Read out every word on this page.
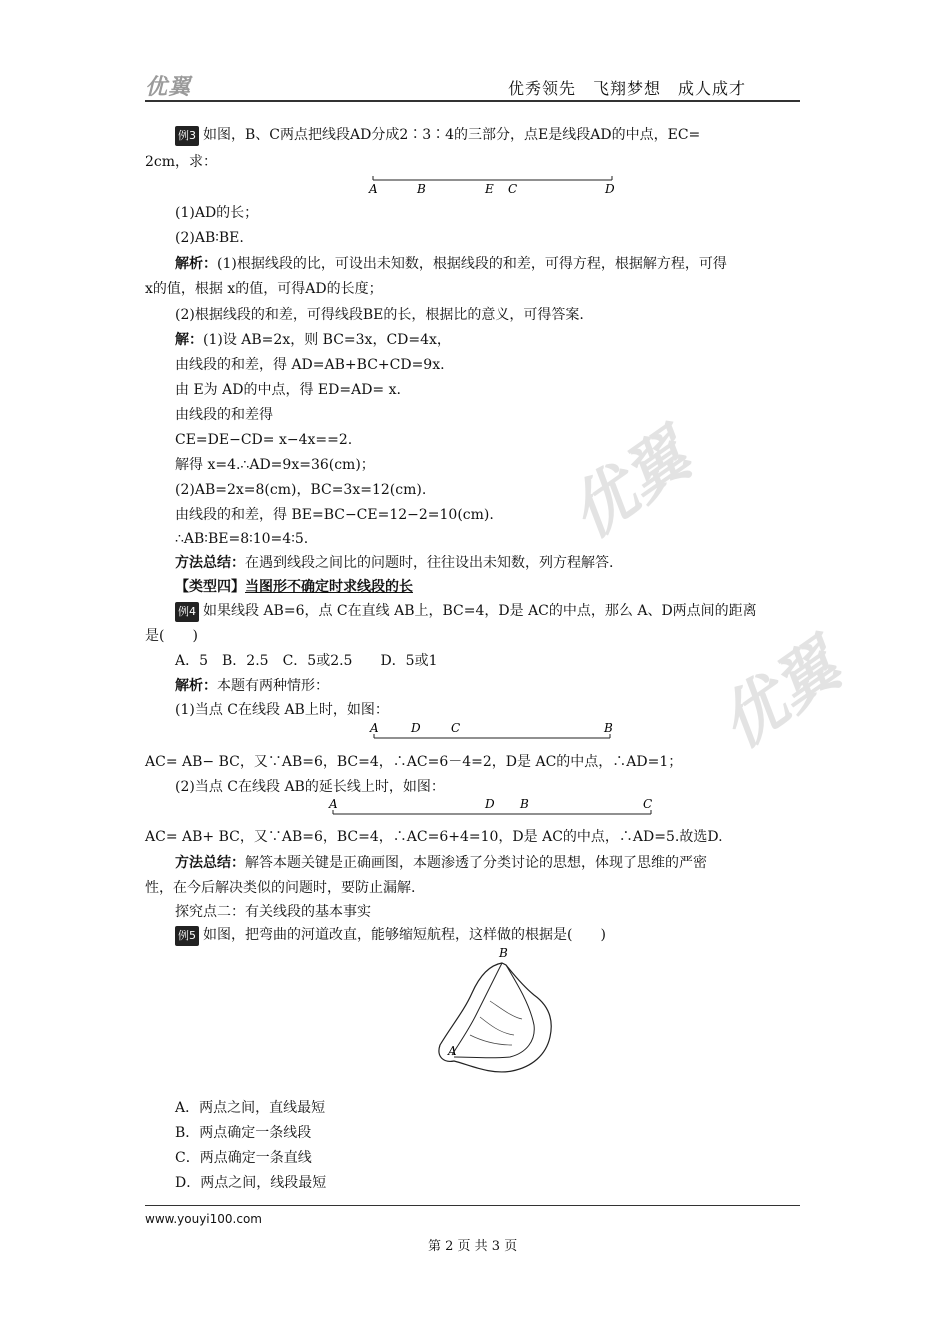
优翼
优翼
优翼	优秀领先　飞翔梦想　成人成才
例3 如图，B、C两点把线段AD分成2∶3∶4的三部分，点E是线段AD的中点，EC=
2cm，求：
A	B	E C	D
(1)AD的长；
(2)AB∶BE.
解析：(1)根据线段的比，可设出未知数，根据线段的和差，可得方程，根据解方程，可得
x的值，根据 x的值，可得AD的长度；
(2)根据线段的和差，可得线段BE的长，根据比的意义，可得答案.
解：(1)设 AB=2x，则 BC=3x，CD=4x，
由线段的和差，得 AD=AB+BC+CD=9x.
由 E为 AD的中点，得 ED=AD= x.
由线段的和差得
CE=DE−CD= x−4x==2.
解得 x=4.∴AD=9x=36(cm)；
(2)AB=2x=8(cm)，BC=3x=12(cm).
由线段的和差，得 BE=BC−CE=12−2=10(cm).
∴AB∶BE=8∶10=4∶5.
方法总结：在遇到线段之间比的问题时，往往设出未知数，列方程解答.
【类型四】当图形不确定时求线段的长
例4 如果线段 AB=6，点 C在直线 AB上，BC=4，D是 AC的中点，那么 A、D两点间的距离
是(　　)
A．5　B．2.5　C．5或2.5　　D．5或1
解析：本题有两种情形：
(1)当点 C在线段 AB上时，如图：
A	D	C	B
AC= AB− BC，又∵AB=6，BC=4，∴AC=6－4=2，D是 AC的中点，∴AD=1；
(2)当点 C在线段 AB的延长线上时，如图：
A	D B	C
AC= AB+ BC，又∵AB=6，BC=4，∴AC=6+4=10，D是 AC的中点，∴AD=5.故选D.
方法总结：解答本题关键是正确画图，本题渗透了分类讨论的思想，体现了思维的严密
性，在今后解决类似的问题时，要防止漏解.
探究点二：有关线段的基本事实
例5 如图，把弯曲的河道改直，能够缩短航程，这样做的根据是(　　)
B
A
A．两点之间，直线最短
B．两点确定一条线段
C．两点确定一条直线
D．两点之间，线段最短
www.youyi100.com
第 2 页 共 3 页
